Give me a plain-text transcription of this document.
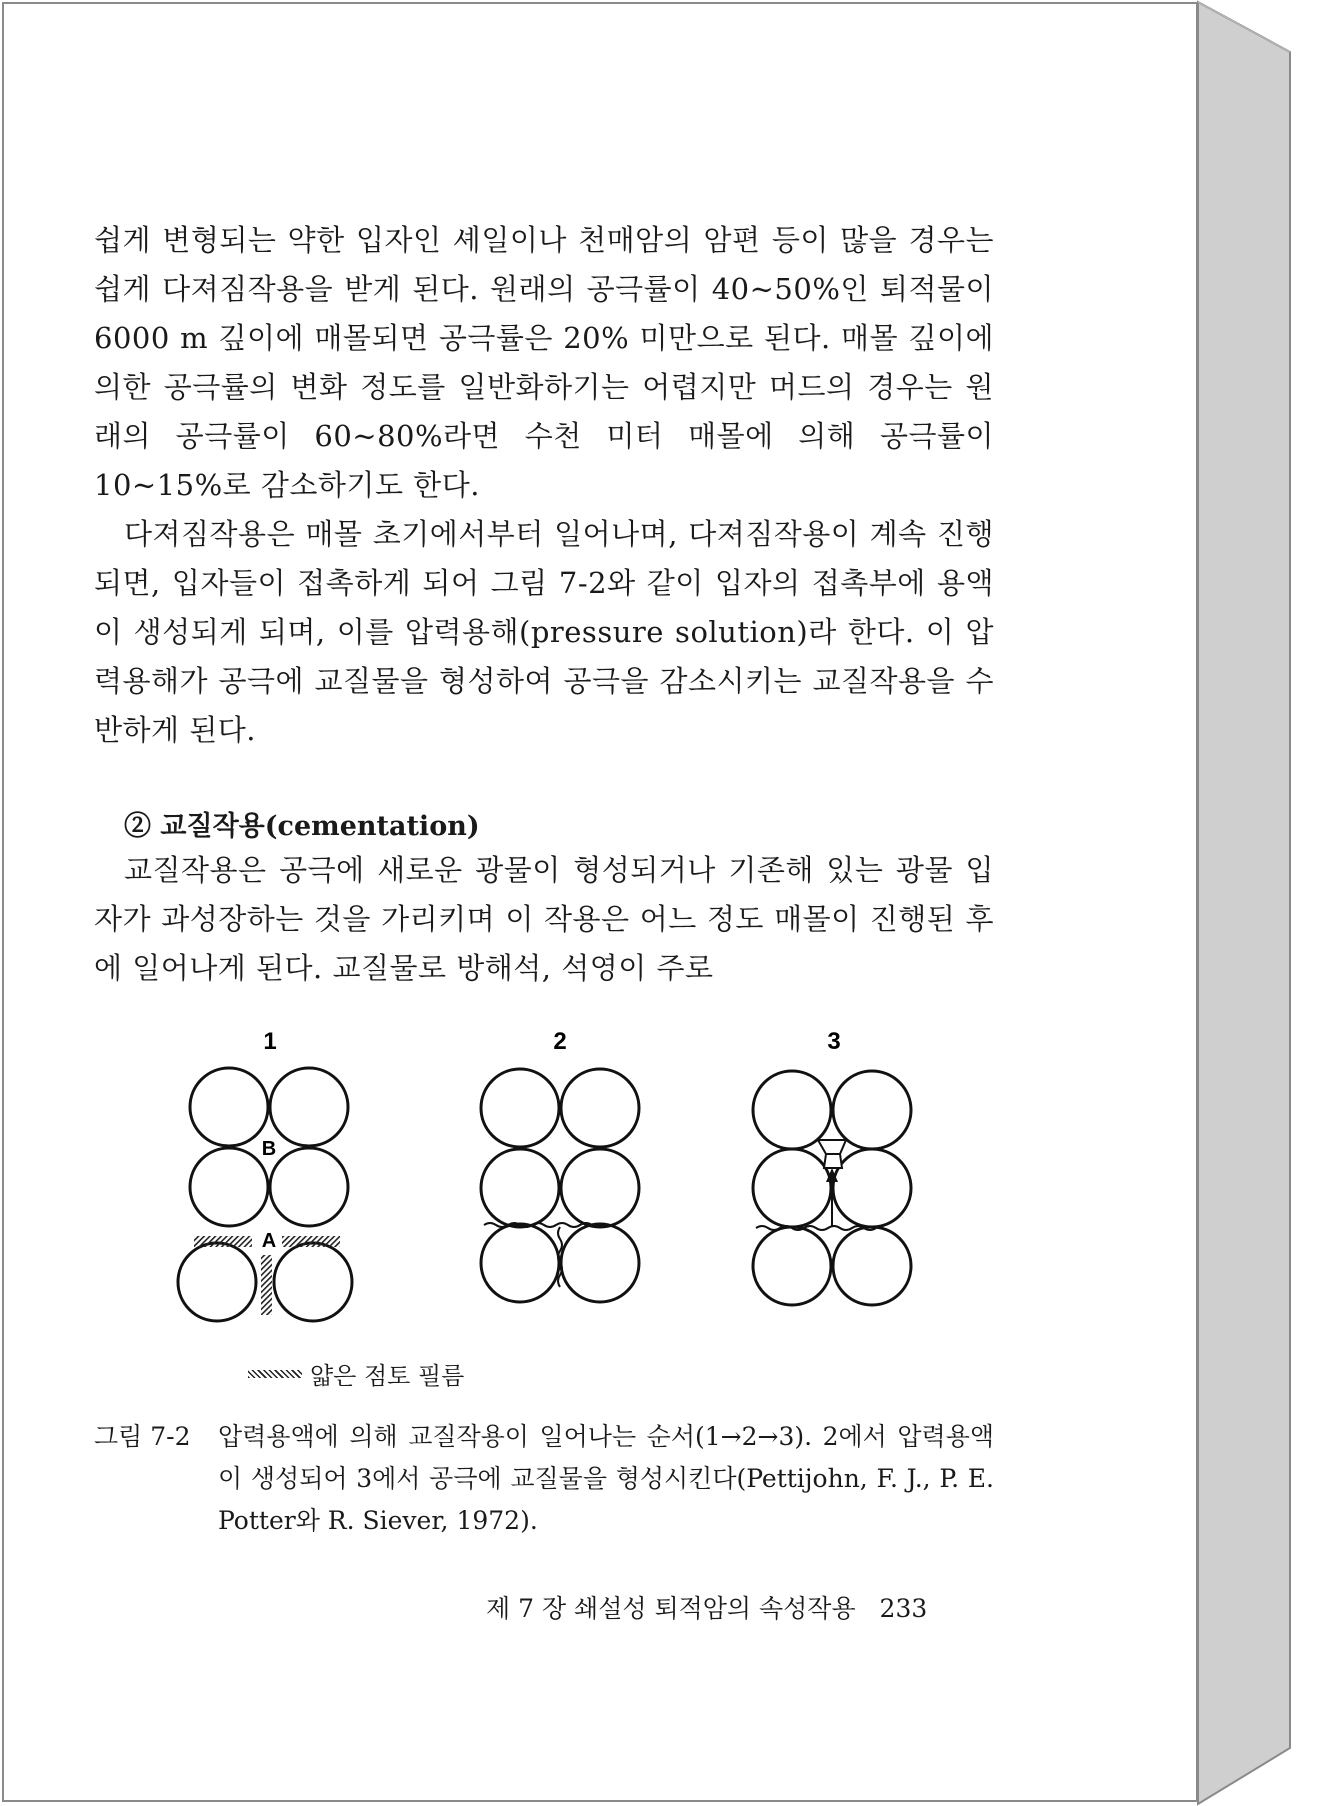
쉽게 변형되는 약한 입자인 셰일이나 천매암의 암편 등이 많을 경우는 쉽게 다져짐작용을 받게 된다. 원래의 공극률이 40∼50%인 퇴적물이 6000 m 깊이에 매몰되면 공극률은 20% 미만으로 된다. 매몰 깊이에 의한 공극률의 변화 정도를 일반화하기는 어렵지만 머드의 경우는 원래의 공극률이 60∼80%라면 수천 미터 매몰에 의해 공극률이 10∼15%로 감소하기도 한다.

다져짐작용은 매몰 초기에서부터 일어나며, 다져짐작용이 계속 진행되면, 입자들이 접촉하게 되어 그림 7-2와 같이 입자의 접촉부에 용액이 생성되게 되며, 이를 압력용해(pressure solution)라 한다. 이 압력용해가 공극에 교질물을 형성하여 공극을 감소시키는 교질작용을 수반하게 된다.

② 교질작용(cementation)

교질작용은 공극에 새로운 광물이 형성되거나 기존해 있는 광물 입자가 과성장하는 것을 가리키며 이 작용은 어느 정도 매몰이 진행된 후에 일어나게 된다. 교질물로 방해석, 석영이 주로

1
B
A
2	3
얇은 점토 필름
그림 7-2	압력용액에 의해 교질작용이 일어나는 순서(1→2→3). 2에서 압력용액이 생성되어 3에서 공극에 교질물을 형성시킨다(Pettijohn, F. J., P. E. Potter와 R. Siever, 1972).
제 7 장 쇄설성 퇴적암의 속성작용 233
